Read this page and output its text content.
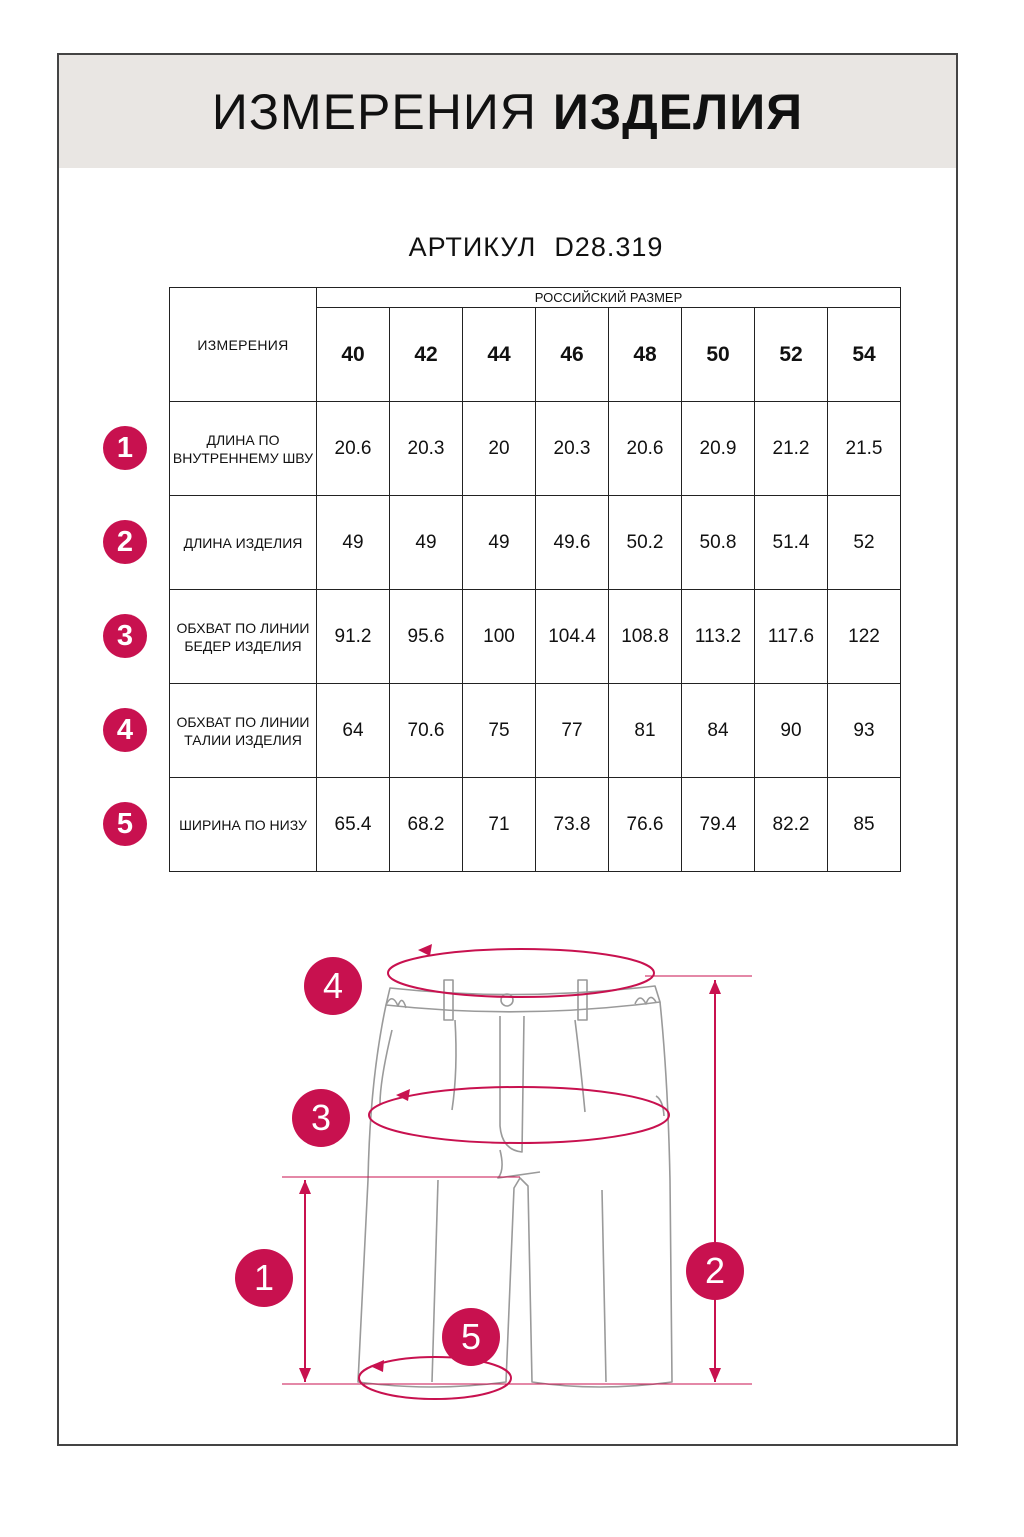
ИЗМЕРЕНИЯ ИЗДЕЛИЯ
АРТИКУЛ D28.319
ИЗМЕРЕНИЯ	РОССИЙСКИЙ РАЗМЕР							
	40	42	44	46	48	50	52	54
ДЛИНА ПО ВНУТРЕННЕМУ ШВУ	20.6	20.3	20	20.3	20.6	20.9	21.2	21.5
ДЛИНА ИЗДЕЛИЯ	49	49	49	49.6	50.2	50.8	51.4	52
ОБХВАТ ПО ЛИНИИ БЕДЕР ИЗДЕЛИЯ	91.2	95.6	100	104.4	108.8	113.2	117.6	122
ОБХВАТ ПО ЛИНИИ ТАЛИИ ИЗДЕЛИЯ	64	70.6	75	77	81	84	90	93
ШИРИНА ПО НИЗУ	65.4	68.2	71	73.8	76.6	79.4	82.2	85
1
2
3
4
5
4
3
1	2
5
